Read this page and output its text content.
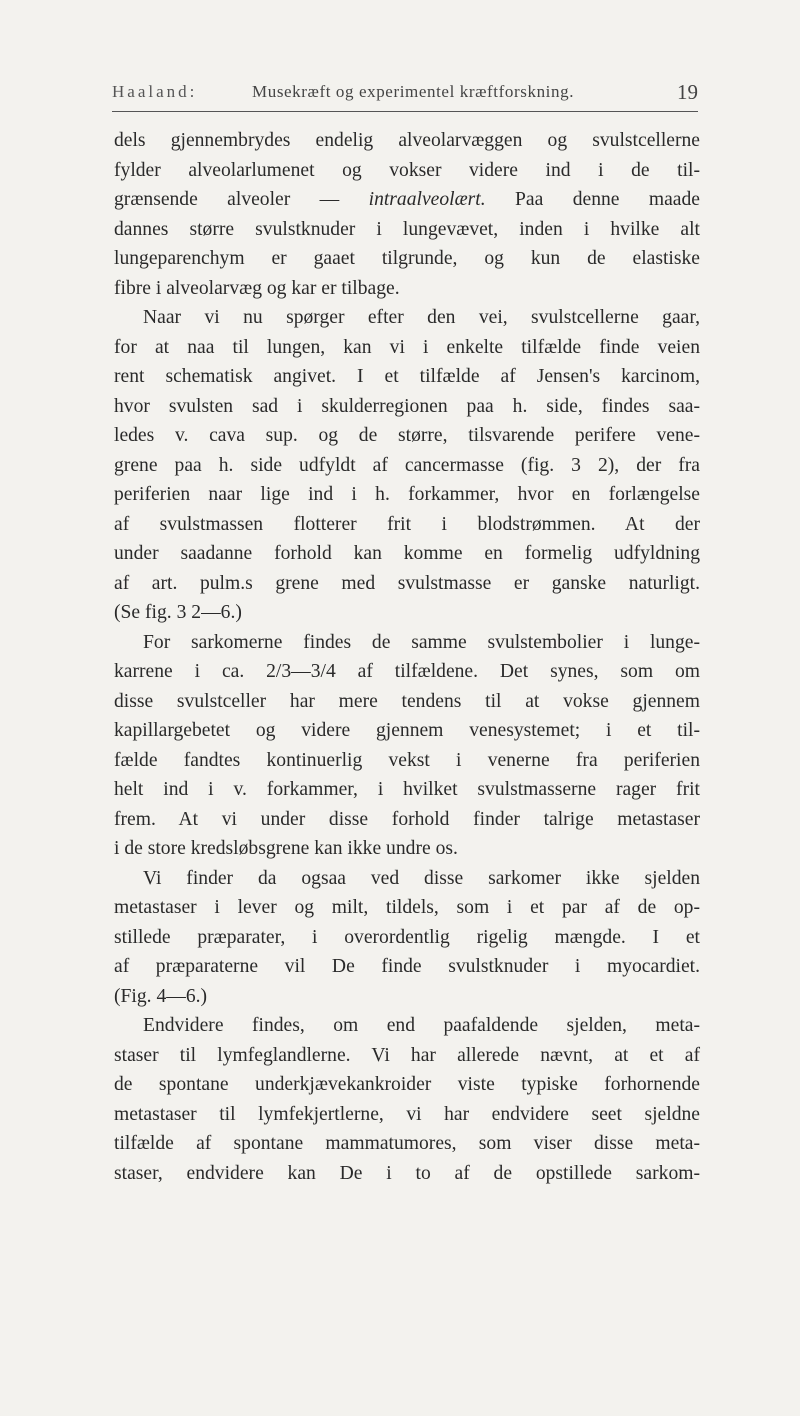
Haaland:	Musekræft og experimentel kræftforskning.	19
dels gjennembrydes endelig alveolarvæggen og svulstcellerne
fylder alveolarlumenet og vokser videre ind i de til-
grænsende alveoler — intraalveolært. Paa denne maade
dannes større svulstknuder i lungevævet, inden i hvilke alt
lungeparenchym er gaaet tilgrunde, og kun de elastiske
fibre i alveolarvæg og kar er tilbage.
Naar vi nu spørger efter den vei, svulstcellerne gaar,
for at naa til lungen, kan vi i enkelte tilfælde finde veien
rent schematisk angivet. I et tilfælde af Jensen's karcinom,
hvor svulsten sad i skulderregionen paa h. side, findes saa-
ledes v. cava sup. og de større, tilsvarende perifere vene-
grene paa h. side udfyldt af cancermasse (fig. 3 2), der fra
periferien naar lige ind i h. forkammer, hvor en forlængelse
af svulstmassen flotterer frit i blodstrømmen. At der
under saadanne forhold kan komme en formelig udfyldning
af art. pulm.s grene med svulstmasse er ganske naturligt.
(Se fig. 3 2—6.)
For sarkomerne findes de samme svulstembolier i lunge-
karrene i ca. 2/3—3/4 af tilfældene. Det synes, som om
disse svulstceller har mere tendens til at vokse gjennem
kapillargebetet og videre gjennem venesystemet; i et til-
fælde fandtes kontinuerlig vekst i venerne fra periferien
helt ind i v. forkammer, i hvilket svulstmasserne rager frit
frem. At vi under disse forhold finder talrige metastaser
i de store kredsløbsgrene kan ikke undre os.
Vi finder da ogsaa ved disse sarkomer ikke sjelden
metastaser i lever og milt, tildels, som i et par af de op-
stillede præparater, i overordentlig rigelig mængde. I et
af præparaterne vil De finde svulstknuder i myocardiet.
(Fig. 4—6.)
Endvidere findes, om end paafaldende sjelden, meta-
staser til lymfeglandlerne. Vi har allerede nævnt, at et af
de spontane underkjævekankroider viste typiske forhornende
metastaser til lymfekjertlerne, vi har endvidere seet sjeldne
tilfælde af spontane mammatumores, som viser disse meta-
staser, endvidere kan De i to af de opstillede sarkom-
